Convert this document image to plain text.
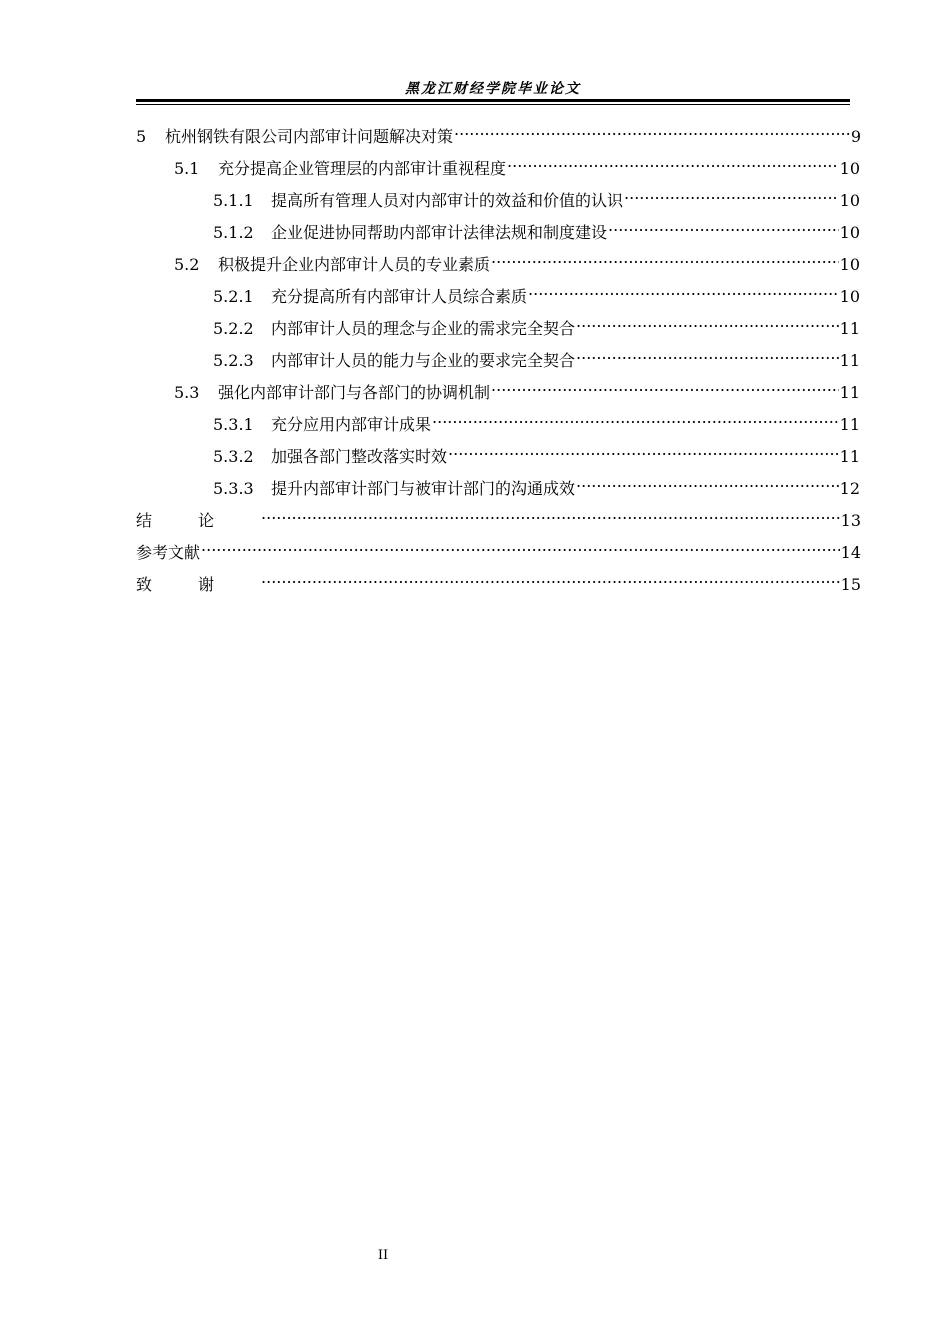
黑龙江财经学院毕业论文
5	杭州钢铁有限公司内部审计问题解决对策 .....	9
5.1	充分提高企业管理层的内部审计重视程度 .....	10
5.1.1	提高所有管理人员对内部审计的效益和价值的认识 .....	10
5.1.2	企业促进协同帮助内部审计法律法规和制度建设 .....	10
5.2	积极提升企业内部审计人员的专业素质 .....	10
5.2.1	充分提高所有内部审计人员综合素质 .....	10
5.2.2	内部审计人员的理念与企业的需求完全契合 .....	11
5.2.3	内部审计人员的能力与企业的要求完全契合 .....	11
5.3	强化内部审计部门与各部门的协调机制 .....	11
5.3.1	充分应用内部审计成果 .....	11
5.3.2	加强各部门整改落实时效 .....	11
5.3.3	提升内部审计部门与被审计部门的沟通成效 .....	12
结论 .....	13
参考文献 .....	14
致谢 .....	15
II
